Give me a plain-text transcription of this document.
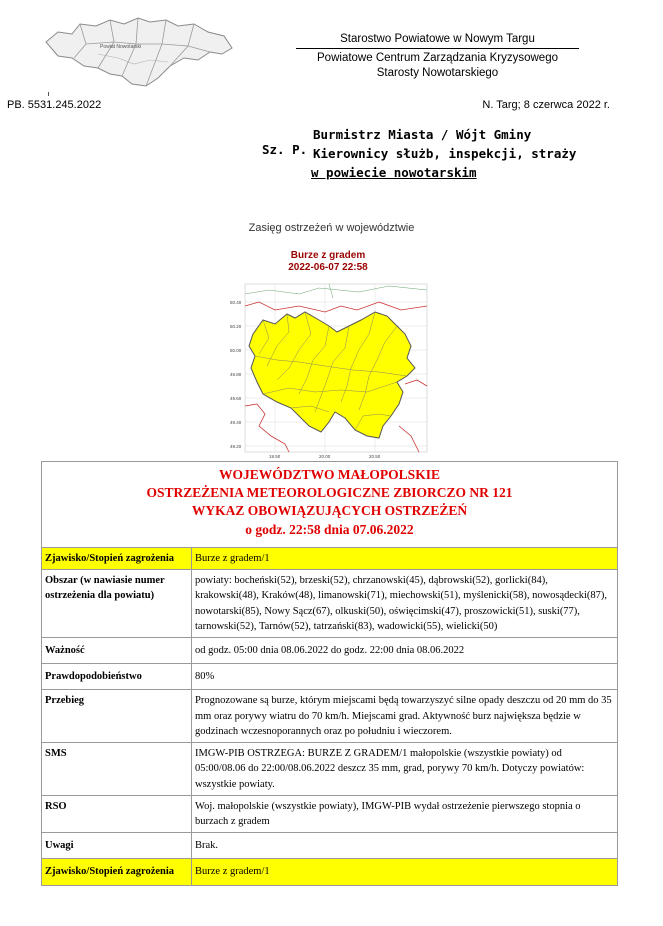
Powiat Nowotarski
Starostwo Powiatowe w Nowym Targu
Powiatowe Centrum Zarządzania Kryzysowego
Starosty Nowotarskiego
PB. 5531.245.2022	N. Targ; 8 czerwca 2022 r.
Sz. P.
Burmistrz Miasta / Wójt Gminy
Kierownicy służb, inspekcji, straży
w powiecie nowotarskim
Zasięg ostrzeżeń w województwie
Burze z gradem
2022-06-07 22:58
50.40
50.20
50.00
49.80
49.60
49.40
49.20
19.50	20.00	20.50
WOJEWÓDZTWO MAŁOPOLSKIE
OSTRZEŻENIA METEOROLOGICZNE ZBIORCZO NR 121
WYKAZ OBOWIĄZUJĄCYCH OSTRZEŻEŃ
o godz. 22:58 dnia 07.06.2022	

Zjawisko/Stopień zagrożenia	Burze z gradem/1
Obszar (w nawiasie numer ostrzeżenia dla powiatu)	powiaty: bocheński(52), brzeski(52), chrzanowski(45), dąbrowski(52), gorlicki(84), krakowski(48), Kraków(48), limanowski(71), miechowski(51), myślenicki(58), nowosądecki(87), nowotarski(85), Nowy Sącz(67), olkuski(50), oświęcimski(47), proszowicki(51), suski(77), tarnowski(52), Tarnów(52), tatrzański(83), wadowicki(55), wielicki(50)
Ważność	od godz. 05:00 dnia 08.06.2022 do godz. 22:00 dnia 08.06.2022
Prawdopodobieństwo	80%
Przebieg	Prognozowane są burze, którym miejscami będą towarzyszyć silne opady deszczu od 20 mm do 35 mm oraz porywy wiatru do 70 km/h. Miejscami grad. Aktywność burz największa będzie w godzinach wczesnoporannych oraz po południu i wieczorem.
SMS	IMGW-PIB OSTRZEGA: BURZE Z GRADEM/1 małopolskie (wszystkie powiaty) od 05:00/08.06 do 22:00/08.06.2022 deszcz 35 mm, grad, porywy 70 km/h. Dotyczy powiatów: wszystkie powiaty.
RSO	Woj. małopolskie (wszystkie powiaty), IMGW-PIB wydał ostrzeżenie pierwszego stopnia o burzach z gradem
Uwagi	Brak.
Zjawisko/Stopień zagrożenia	Burze z gradem/1
